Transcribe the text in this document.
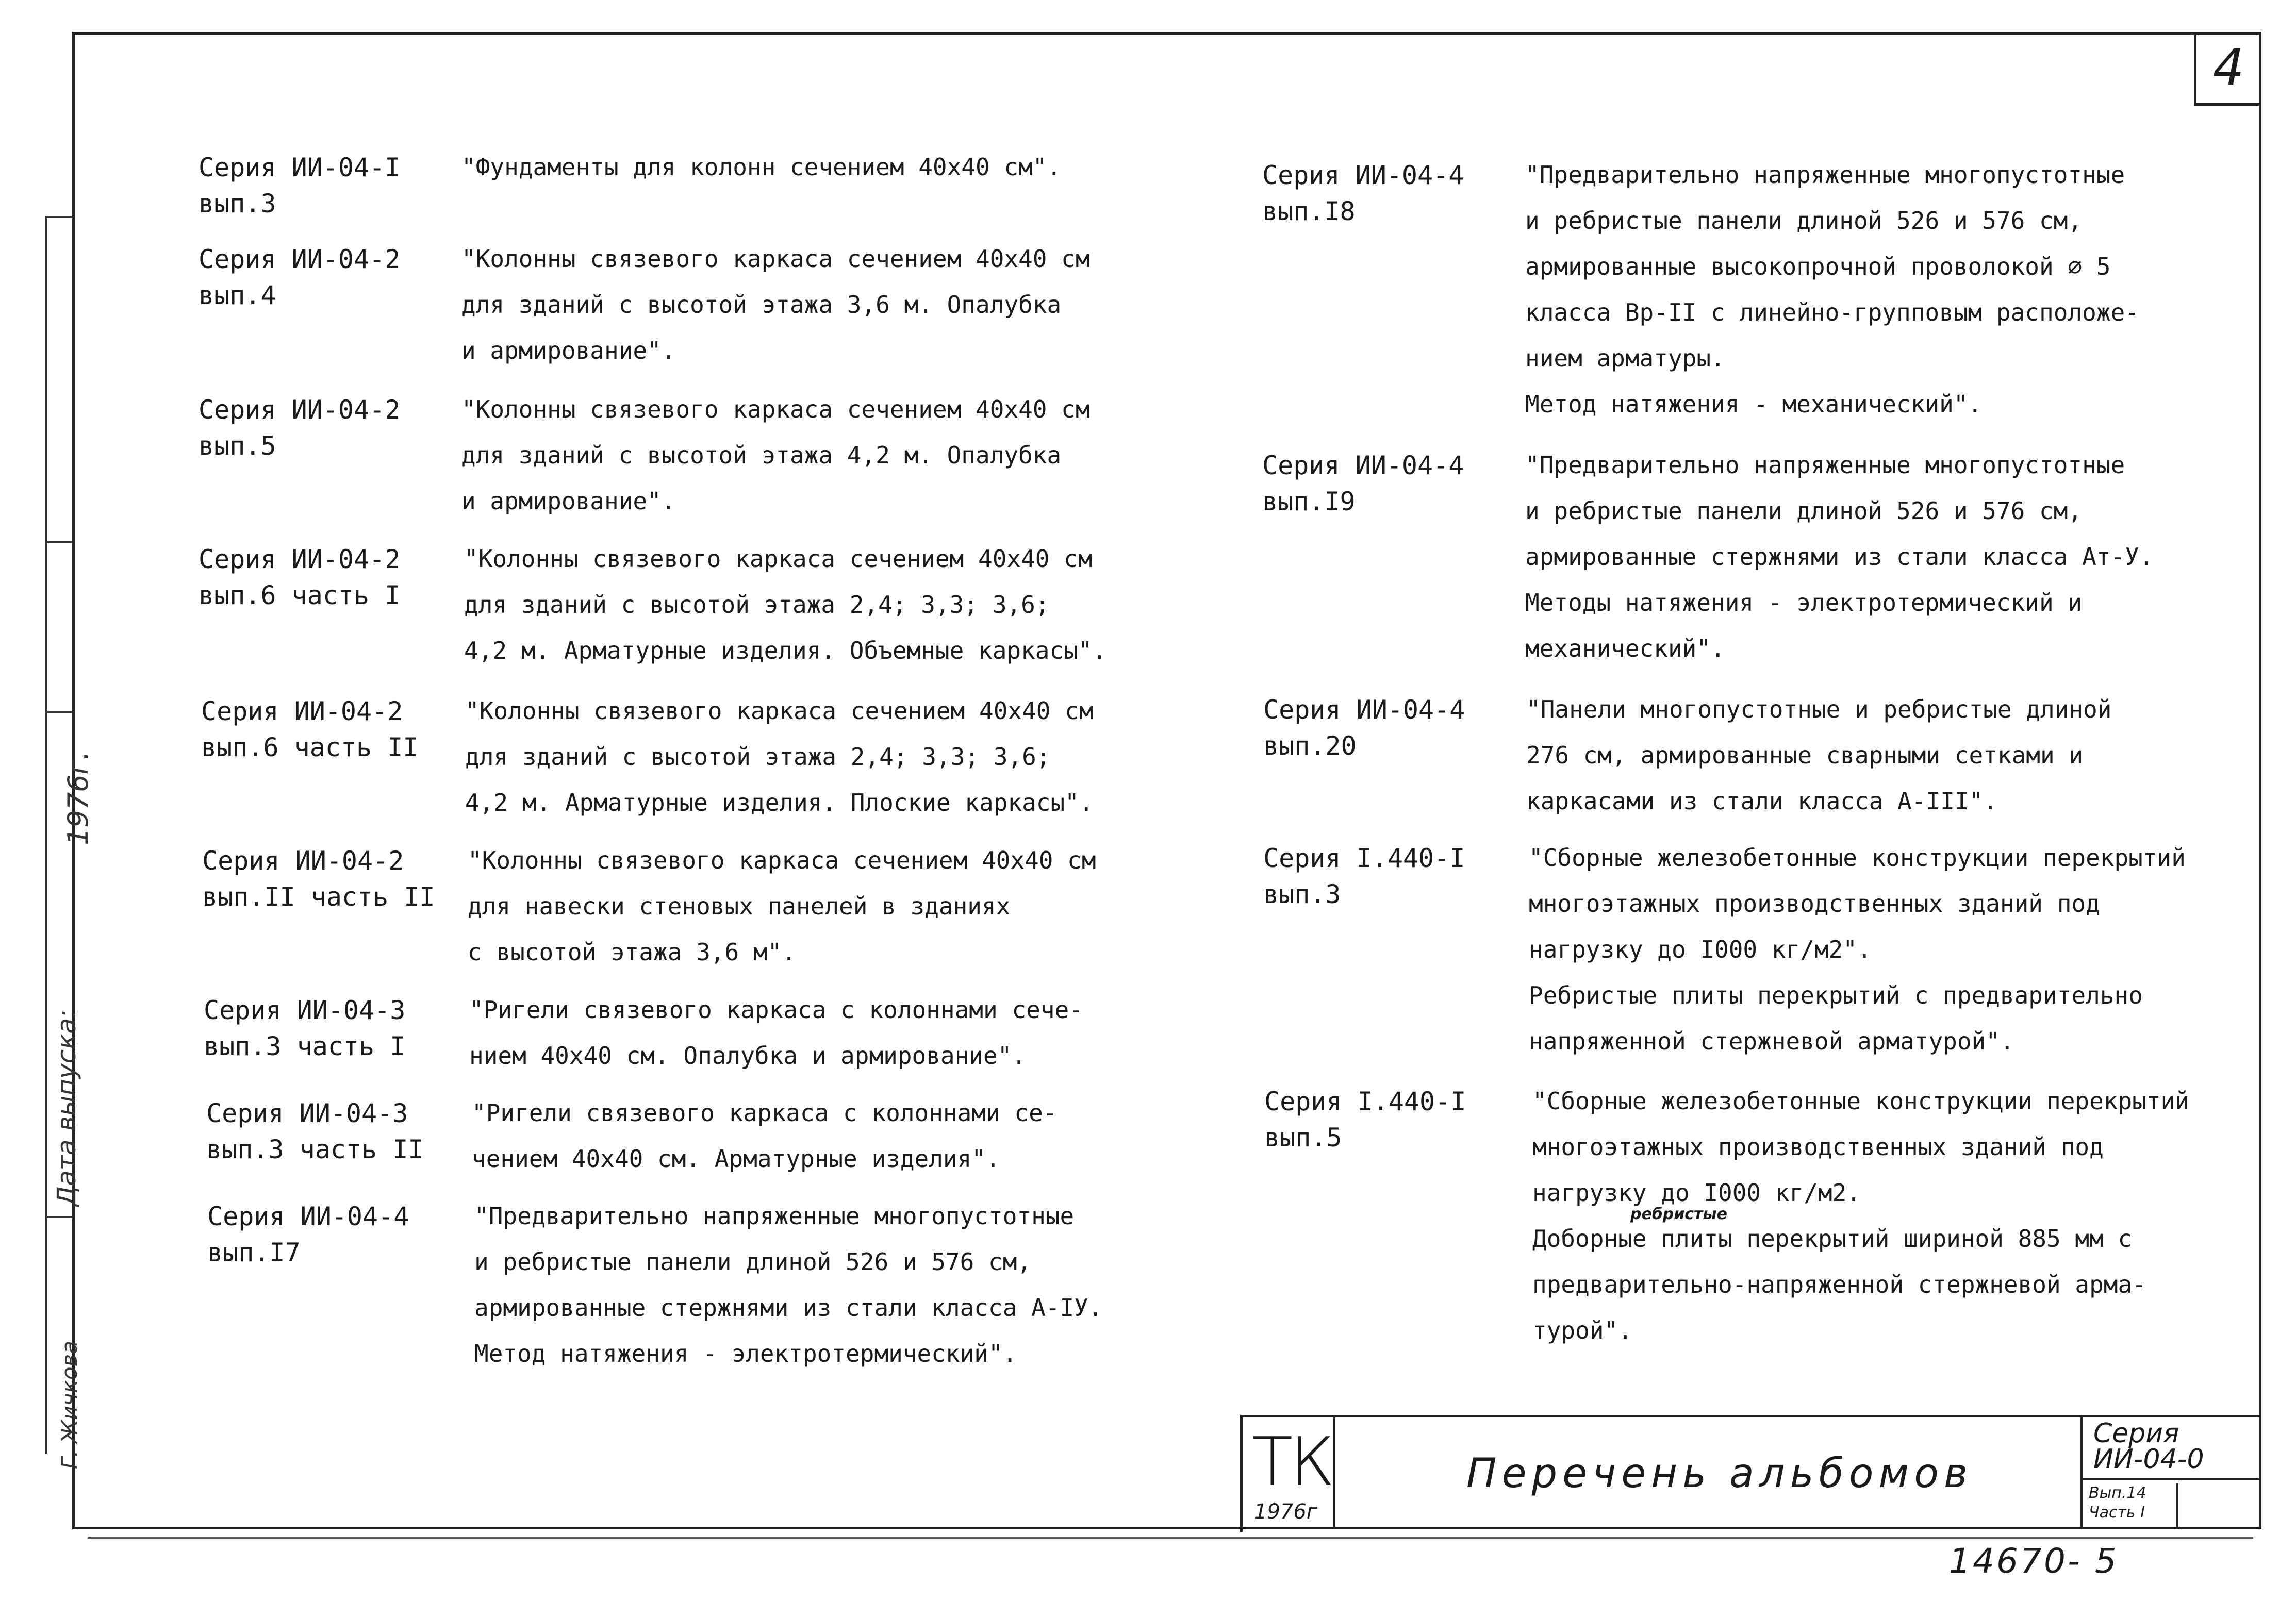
4
Дата выпуска:
1976г.
Г. Жичкова
Серия ИИ-04-I
вып.3
"Фундаменты для колонн сечением 40х40 см".
Серия ИИ-04-2
вып.4
"Колонны связевого каркаса сечением 40х40 см
для зданий с высотой этажа 3,6 м. Опалубка
и армирование".
Серия ИИ-04-2
вып.5
"Колонны связевого каркаса сечением 40х40 см
для зданий с высотой этажа 4,2 м. Опалубка
и армирование".
Серия ИИ-04-2
вып.6 часть I
"Колонны связевого каркаса сечением 40х40 см
для зданий с высотой этажа 2,4; 3,3; 3,6;
4,2 м. Арматурные изделия. Объемные каркасы".
Серия ИИ-04-2
вып.6 часть II
"Колонны связевого каркаса сечением 40х40 см
для зданий с высотой этажа 2,4; 3,3; 3,6;
4,2 м. Арматурные изделия. Плоские каркасы".
Серия ИИ-04-2
вып.II часть II
"Колонны связевого каркаса сечением 40х40 см
для навески стеновых панелей в зданиях
с высотой этажа 3,6 м".
Серия ИИ-04-3
вып.3 часть I
"Ригели связевого каркаса с колоннами сече-
нием 40х40 см. Опалубка и армирование".
Серия ИИ-04-3
вып.3 часть II
"Ригели связевого каркаса с колоннами се-
чением 40х40 см. Арматурные изделия".
Серия ИИ-04-4
вып.I7
"Предварительно напряженные многопустотные
и ребристые панели длиной 526 и 576 см,
армированные стержнями из стали класса А-IУ.
Метод натяжения - электротермический".
Серия ИИ-04-4
вып.I8
"Предварительно напряженные многопустотные
и ребристые панели длиной 526 и 576 см,
армированные высокопрочной проволокой ∅ 5
класса Вр-II с линейно-групповым расположе-
нием арматуры.
Метод натяжения - механический".
Серия ИИ-04-4
вып.I9
"Предварительно напряженные многопустотные
и ребристые панели длиной 526 и 576 см,
армированные стержнями из стали класса Ат-У.
Методы натяжения - электротермический и
механический".
Серия ИИ-04-4
вып.20
"Панели многопустотные и ребристые длиной
276 см, армированные сварными сетками и
каркасами из стали класса А-III".
Серия I.440-I
вып.3
"Сборные железобетонные конструкции перекрытий
многоэтажных производственных зданий под
нагрузку до I000 кг/м2".
Ребристые плиты перекрытий с предварительно
напряженной стержневой арматурой".
Серия I.440-I
вып.5
"Сборные железобетонные конструкции перекрытий
многоэтажных производственных зданий под
нагрузку до I000 кг/м2.
Доборные плиты перекрытий шириной 885 мм с
предварительно-напряженной стержневой арма-
турой".
ребристые
ТК
1976г
Перечень альбомов
Серия
ИИ-04-0
Вып.14
Часть I
14670- 5
